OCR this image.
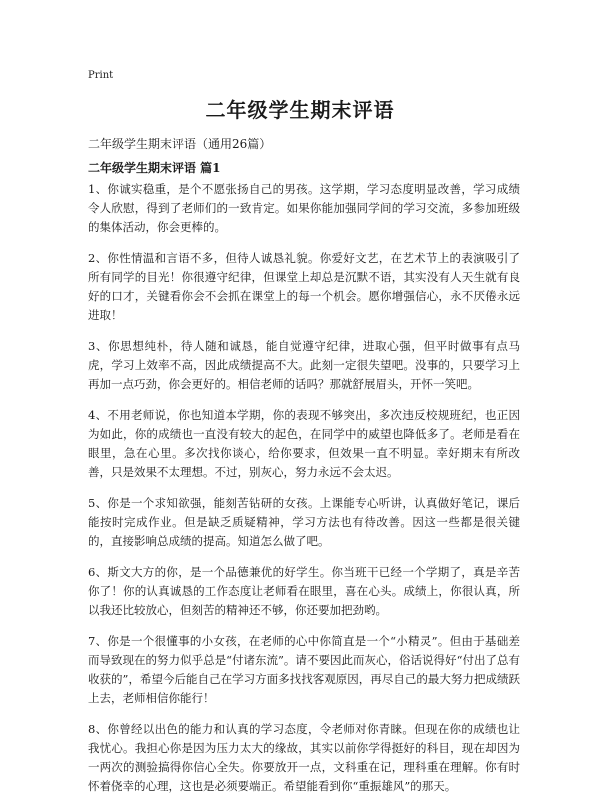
Print
二年级学生期末评语
二年级学生期末评语（通用26篇）
二年级学生期末评语 篇1

1、你诚实稳重，是个不愿张扬自己的男孩。这学期，学习态度明显改善，学习成绩令人欣慰，得到了老师们的一致肯定。如果你能加强同学间的学习交流，多参加班级的集体活动，你会更棒的。

2、你性情温和言语不多，但待人诚恳礼貌。你爱好文艺，在艺术节上的表演吸引了所有同学的目光！你很遵守纪律，但课堂上却总是沉默不语，其实没有人天生就有良好的口才，关键看你会不会抓在课堂上的每一个机会。愿你增强信心，永不厌倦永远进取！

3、你思想纯朴，待人随和诚恳，能自觉遵守纪律，进取心强，但平时做事有点马虎，学习上效率不高，因此成绩提高不大。此刻一定很失望吧。没事的，只要学习上再加一点巧劲，你会更好的。相信老师的话吗？那就舒展眉头，开怀一笑吧。

4、不用老师说，你也知道本学期，你的表现不够突出，多次违反校规班纪，也正因为如此，你的成绩也一直没有较大的起色，在同学中的威望也降低多了。老师是看在眼里，急在心里。多次找你谈心，给你要求，但效果一直不明显。幸好期末有所改善，只是效果不太理想。不过，别灰心，努力永远不会太迟。

5、你是一个求知欲强，能刻苦钻研的女孩。上课能专心听讲，认真做好笔记，课后能按时完成作业。但是缺乏质疑精神，学习方法也有待改善。因这一些都是很关键的，直接影响总成绩的提高。知道怎么做了吧。

6、斯文大方的你，是一个品德兼优的好学生。你当班干已经一个学期了，真是辛苦你了！你的认真诚恳的工作态度让老师看在眼里，喜在心头。成绩上，你很认真，所以我还比较放心，但刻苦的精神还不够，你还要加把劲哟。

7、你是一个很懂事的小女孩，在老师的心中你简直是一个“小精灵”。但由于基础差而导致现在的努力似乎总是“付诸东流”。请不要因此而灰心，俗话说得好“付出了总有收获的”，希望今后能自己在学习方面多找找客观原因，再尽自己的最大努力把成绩跃上去，老师相信你能行！

8、你曾经以出色的能力和认真的学习态度，令老师对你青睐。但现在你的成绩也让我忧心。我担心你是因为压力太大的缘故，其实以前你学得挺好的科目，现在却因为一两次的测验搞得你信心全失。你要放开一点，文科重在记，理科重在理解。你有时怀着侥幸的心理，这也是必须要端正。希望能看到你“重振雄风”的那天。
